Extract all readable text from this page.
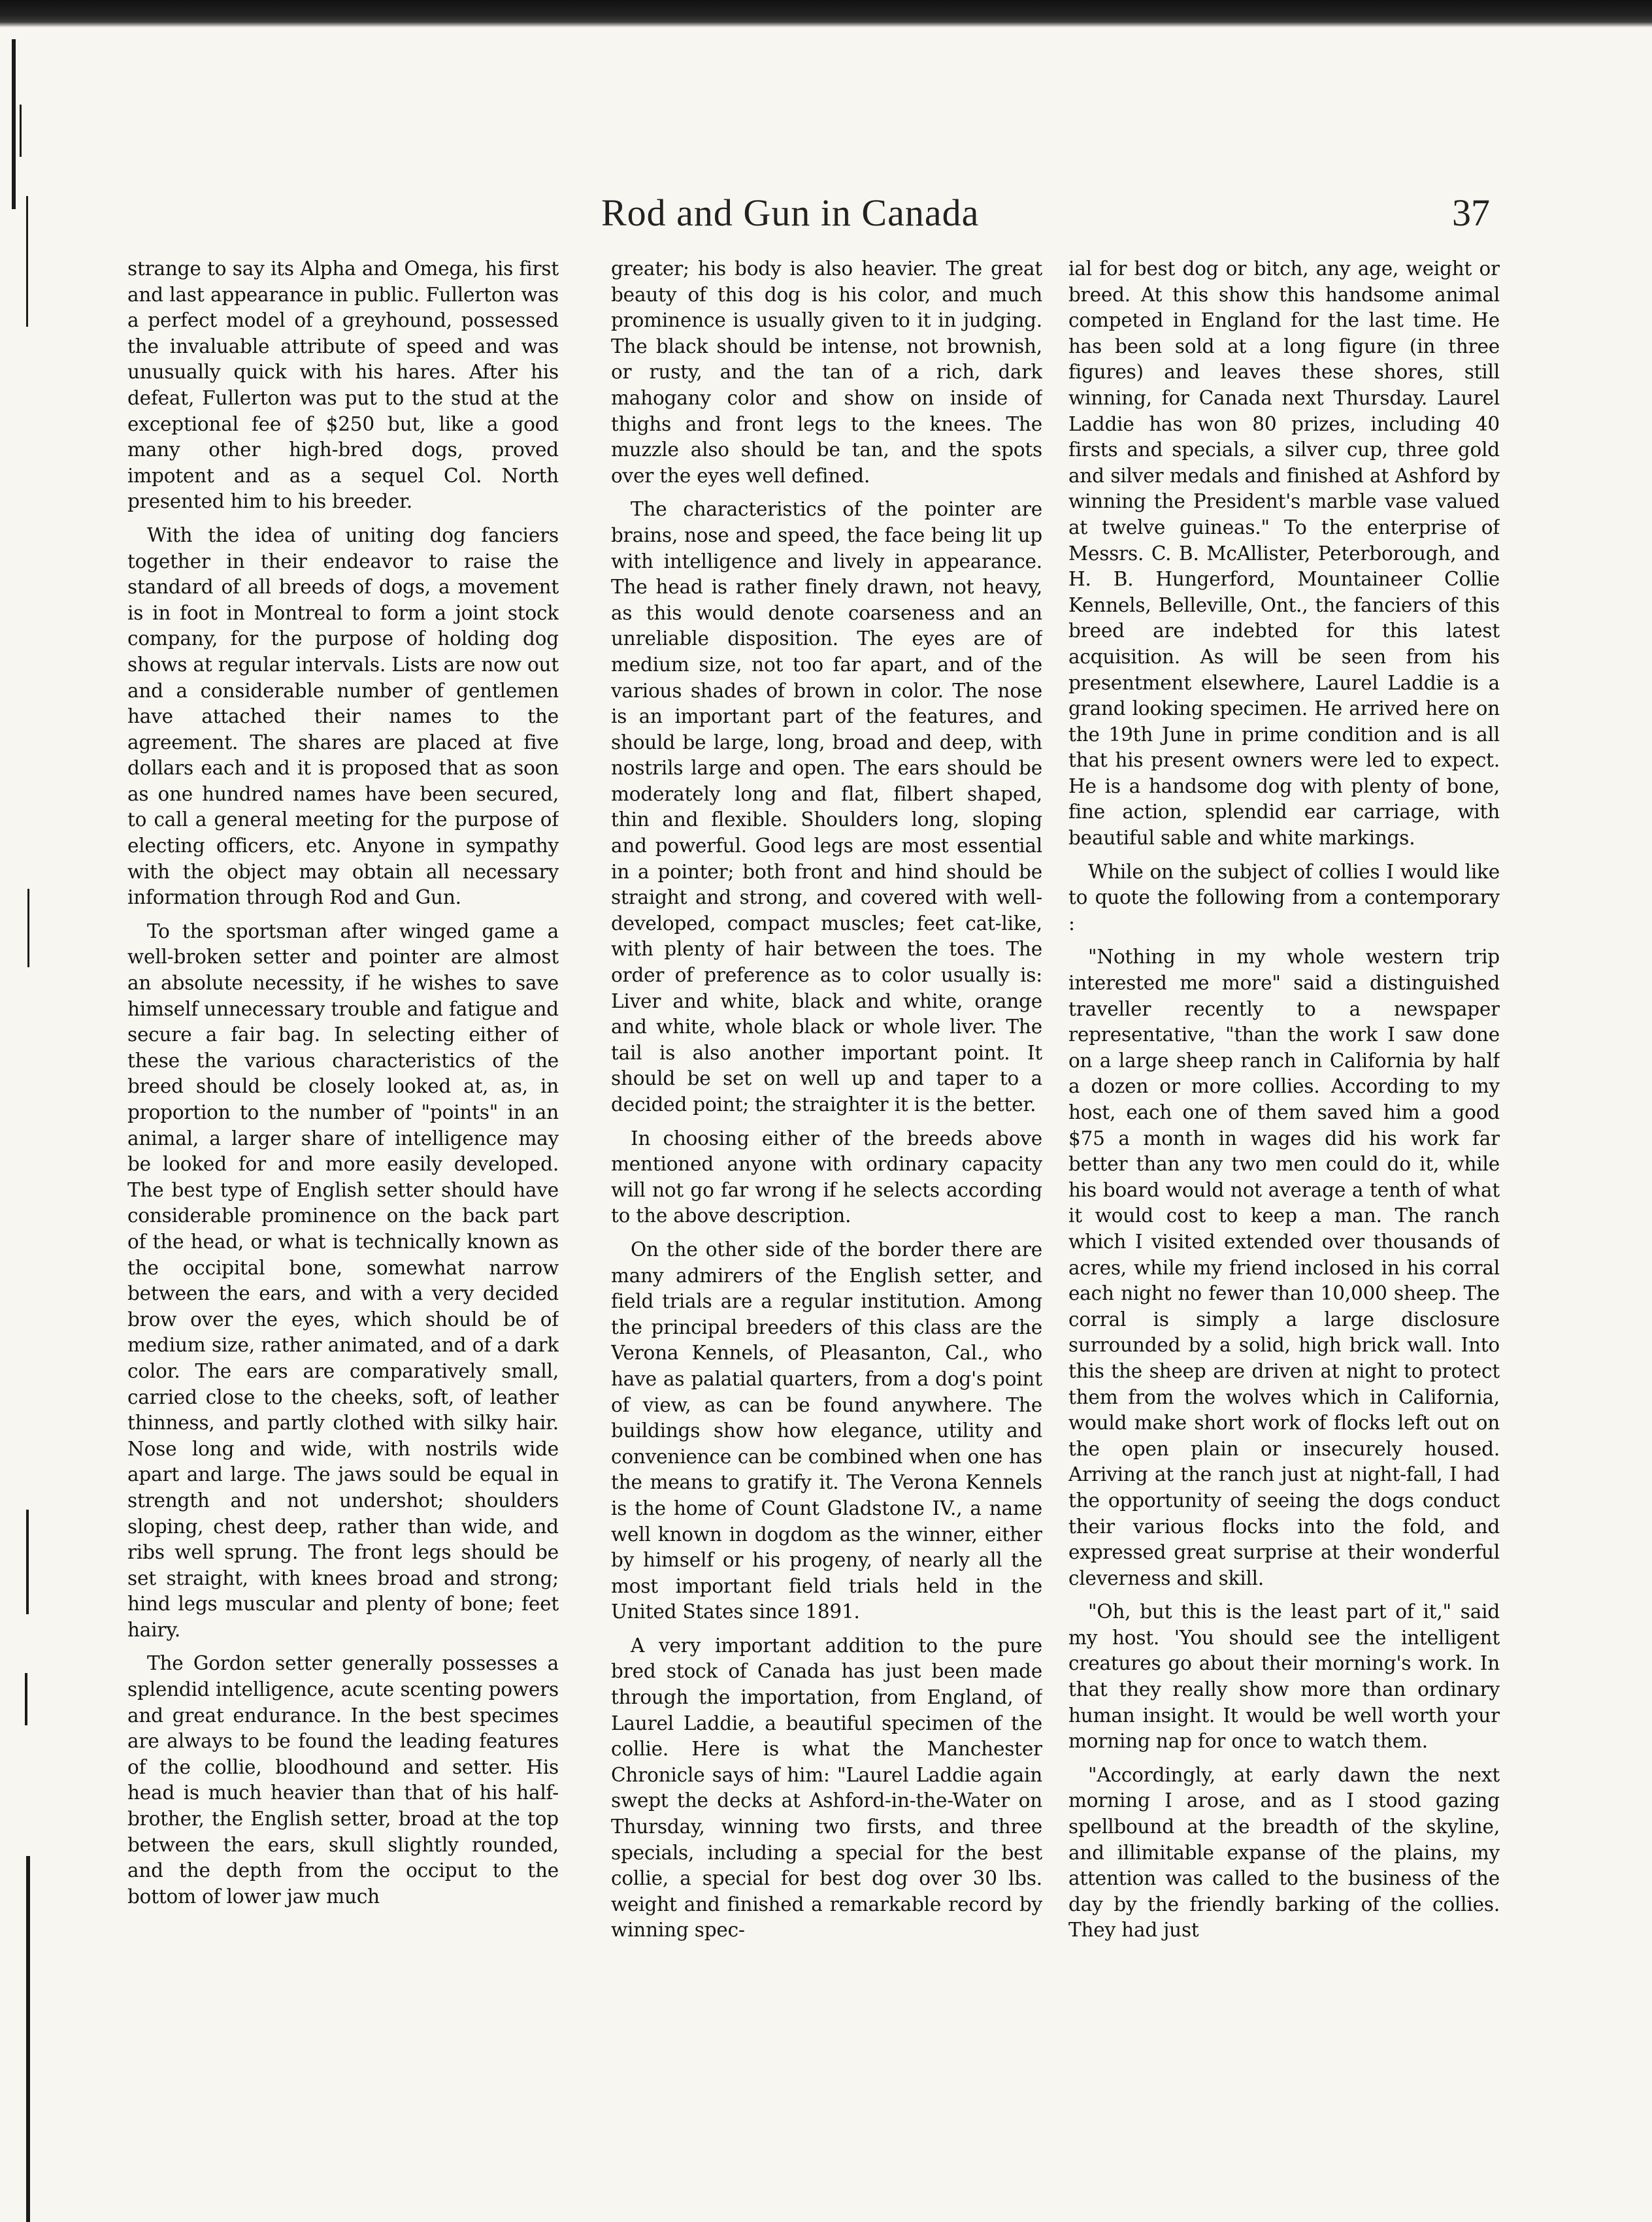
Rod and Gun in Canada	37

strange to say its Alpha and Omega, his first and last appearance in public. Fullerton was a perfect model of a greyhound, possessed the invaluable attribute of speed and was unusually quick with his hares. After his defeat, Fullerton was put to the stud at the exceptional fee of $250 but, like a good many other high-bred dogs, proved impotent and as a sequel Col. North presented him to his breeder.

With the idea of uniting dog fanciers together in their endeavor to raise the standard of all breeds of dogs, a movement is in foot in Montreal to form a joint stock company, for the purpose of holding dog shows at regular intervals. Lists are now out and a considerable number of gentlemen have attached their names to the agreement. The shares are placed at five dollars each and it is proposed that as soon as one hundred names have been secured, to call a general meeting for the purpose of electing officers, etc. Anyone in sympathy with the object may obtain all necessary information through Rod and Gun.

To the sportsman after winged game a well-broken setter and pointer are almost an absolute necessity, if he wishes to save himself unnecessary trouble and fatigue and secure a fair bag. In selecting either of these the various characteristics of the breed should be closely looked at, as, in proportion to the number of "points" in an animal, a larger share of intelligence may be looked for and more easily developed. The best type of English setter should have considerable prominence on the back part of the head, or what is technically known as the occipital bone, somewhat narrow between the ears, and with a very decided brow over the eyes, which should be of medium size, rather animated, and of a dark color. The ears are comparatively small, carried close to the cheeks, soft, of leather thinness, and partly clothed with silky hair. Nose long and wide, with nostrils wide apart and large. The jaws sould be equal in strength and not undershot; shoulders sloping, chest deep, rather than wide, and ribs well sprung. The front legs should be set straight, with knees broad and strong; hind legs muscular and plenty of bone; feet hairy.

The Gordon setter generally possesses a splendid intelligence, acute scenting powers and great endurance. In the best specimes are always to be found the leading features of the collie, bloodhound and setter. His head is much heavier than that of his half-brother, the English setter, broad at the top between the ears, skull slightly rounded, and the depth from the occiput to the bottom of lower jaw much

greater; his body is also heavier. The great beauty of this dog is his color, and much prominence is usually given to it in judging. The black should be intense, not brownish, or rusty, and the tan of a rich, dark mahogany color and show on inside of thighs and front legs to the knees. The muzzle also should be tan, and the spots over the eyes well defined.

The characteristics of the pointer are brains, nose and speed, the face being lit up with intelligence and lively in appearance. The head is rather finely drawn, not heavy, as this would denote coarseness and an unreliable disposition. The eyes are of medium size, not too far apart, and of the various shades of brown in color. The nose is an important part of the features, and should be large, long, broad and deep, with nostrils large and open. The ears should be moderately long and flat, filbert shaped, thin and flexible. Shoulders long, sloping and powerful. Good legs are most essential in a pointer; both front and hind should be straight and strong, and covered with well-developed, compact muscles; feet cat-like, with plenty of hair between the toes. The order of preference as to color usually is: Liver and white, black and white, orange and white, whole black or whole liver. The tail is also another important point. It should be set on well up and taper to a decided point; the straighter it is the better.

In choosing either of the breeds above mentioned anyone with ordinary capacity will not go far wrong if he selects according to the above description.

On the other side of the border there are many admirers of the English setter, and field trials are a regular institution. Among the principal breeders of this class are the Verona Kennels, of Pleasanton, Cal., who have as palatial quarters, from a dog's point of view, as can be found anywhere. The buildings show how elegance, utility and convenience can be combined when one has the means to gratify it. The Verona Kennels is the home of Count Gladstone IV., a name well known in dogdom as the winner, either by himself or his progeny, of nearly all the most important field trials held in the United States since 1891.

A very important addition to the pure bred stock of Canada has just been made through the importation, from England, of Laurel Laddie, a beautiful specimen of the collie. Here is what the Manchester Chronicle says of him: "Laurel Laddie again swept the decks at Ashford-in-the-Water on Thursday, winning two firsts, and three specials, including a special for the best collie, a special for best dog over 30 lbs. weight and finished a remarkable record by winning spec-

ial for best dog or bitch, any age, weight or breed. At this show this handsome animal competed in England for the last time. He has been sold at a long figure (in three figures) and leaves these shores, still winning, for Canada next Thursday. Laurel Laddie has won 80 prizes, including 40 firsts and specials, a silver cup, three gold and silver medals and finished at Ashford by winning the President's marble vase valued at twelve guineas." To the enterprise of Messrs. C. B. McAllister, Peterborough, and H. B. Hungerford, Mountaineer Collie Kennels, Belleville, Ont., the fanciers of this breed are indebted for this latest acquisition. As will be seen from his presentment elsewhere, Laurel Laddie is a grand looking specimen. He arrived here on the 19th June in prime condition and is all that his present owners were led to expect. He is a handsome dog with plenty of bone, fine action, splendid ear carriage, with beautiful sable and white markings.

While on the subject of collies I would like to quote the following from a contemporary :

"Nothing in my whole western trip interested me more" said a distinguished traveller recently to a newspaper representative, "than the work I saw done on a large sheep ranch in California by half a dozen or more collies. According to my host, each one of them saved him a good $75 a month in wages did his work far better than any two men could do it, while his board would not average a tenth of what it would cost to keep a man. The ranch which I visited extended over thousands of acres, while my friend inclosed in his corral each night no fewer than 10,000 sheep. The corral is simply a large disclosure surrounded by a solid, high brick wall. Into this the sheep are driven at night to protect them from the wolves which in California, would make short work of flocks left out on the open plain or insecurely housed. Arriving at the ranch just at night-fall, I had the opportunity of seeing the dogs conduct their various flocks into the fold, and expressed great surprise at their wonderful cleverness and skill.

"Oh, but this is the least part of it," said my host. 'You should see the intelligent creatures go about their morning's work. In that they really show more than ordinary human insight. It would be well worth your morning nap for once to watch them.

"Accordingly, at early dawn the next morning I arose, and as I stood gazing spellbound at the breadth of the skyline, and illimitable expanse of the plains, my attention was called to the business of the day by the friendly barking of the collies. They had just
